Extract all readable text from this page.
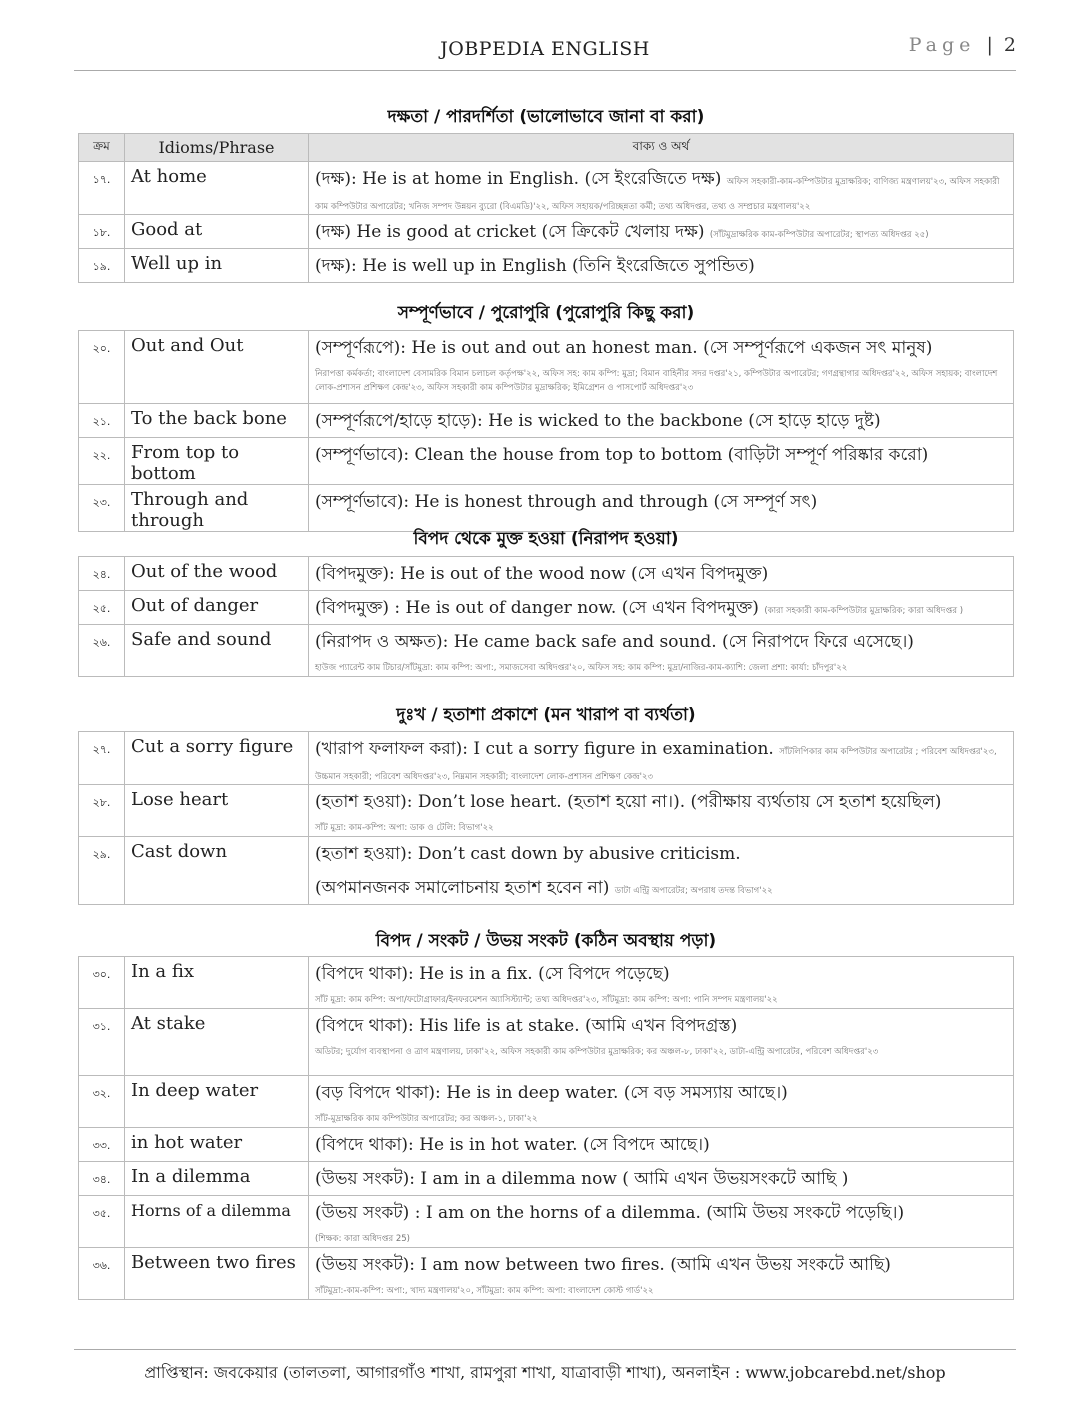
JOBPEDIA ENGLISH	Page | 2
দক্ষতা / পারদর্শিতা (ভালোভাবে জানা বা করা)
ক্রম	Idioms/Phrase	বাক্য ও অর্থ
১৭.	At home	(দক্ষ): He is at home in English. (সে ইংরেজিতে দক্ষ) অফিস সহকারী-কাম-কম্পিউটার মুদ্রাক্ষরিক; বাণিজ্য মন্ত্রণালয়'২৩, অফিস সহকারী কাম কম্পিউটার অপারেটর; খনিজ সম্পদ উন্নয়ন ব্যুরো (বিএমডি)'২২, অফিস সহায়ক/পরিচ্ছন্নতা কর্মী; তথ্য অধিদপ্তর, তথ্য ও সম্প্রচার মন্ত্রণালয়'২২
১৮.	Good at	(দক্ষ) He is good at cricket (সে ক্রিকেট খেলায় দক্ষ) (সাঁটমুদ্রাক্ষরিক কাম-কম্পিউটার অপারেটর; স্থাপত্য অধিদপ্তর ২৫)
১৯.	Well up in	(দক্ষ): He is well up in English (তিনি ইংরেজিতে সুপন্ডিত)
সম্পূর্ণভাবে / পুরোপুরি (পুরোপুরি কিছু করা)
২০.	Out and Out	(সম্পূর্ণরূপে): He is out and out an honest man. (সে সম্পূর্ণরূপে একজন সৎ মানুষ)
নিরাপত্তা কর্মকর্তা; বাংলাদেশ বেসামরিক বিমান চলাচল কর্তৃপক্ষ'২২, অফিস সহ: কাম কম্পি: মুদ্রা; বিমান বাহিনীর সদর দপ্তর'২১, কম্পিউটার অপারেটর; গণগ্রন্থাগার অধিদপ্তর'২২, অফিস সহায়ক; বাংলাদেশ লোক-প্রশাসন প্রশিক্ষণ কেন্দ্র'২৩, অফিস সহকারী কাম কম্পিউটার মুদ্রাক্ষরিক; ইমিগ্রেশন ও পাসপোর্ট অধিদপ্তর'২৩

২১.	To the back bone	(সম্পূর্ণরূপে/হাড়ে হাড়ে): He is wicked to the backbone (সে হাড়ে হাড়ে দুষ্ট)
২২.	From top to bottom	(সম্পূর্ণভাবে): Clean the house from top to bottom (বাড়িটা সম্পূর্ণ পরিষ্কার করো)
২৩.	Through and through	(সম্পূর্ণভাবে): He is honest through and through (সে সম্পূর্ণ সৎ)
বিপদ থেকে মুক্ত হওয়া (নিরাপদ হওয়া)
২৪.	Out of the wood	(বিপদমুক্ত): He is out of the wood now (সে এখন বিপদমুক্ত)
২৫.	Out of danger	(বিপদমুক্ত) : He is out of danger now. (সে এখন বিপদমুক্ত) (কারা সহকারী কাম-কম্পিউটার মুদ্রাক্ষরিক; কারা অধিদপ্তর )
২৬.	Safe and sound	(নিরাপদ ও অক্ষত): He came back safe and sound. (সে নিরাপদে ফিরে এসেছে।)
হাউজ প্যারেন্ট কাম টিচার/সাঁটমুদ্রা: কাম কম্পি: অপা:, সমাজসেবা অধিদপ্তর'২০, অফিস সহ: কাম কম্পি: মুদ্রা/নাজির-কাম-ক্যাশি: জেলা প্রশা: কার্যা: চাঁদপুর'২২
দুঃখ / হতাশা প্রকাশে (মন খারাপ বা ব্যর্থতা)
২৭.	Cut a sorry figure	(খারাপ ফলাফল করা): I cut a sorry figure in examination. সাঁটলিপিকার কাম কম্পিউটার অপারেটর ; পরিবেশ অধিদপ্তর'২৩, উচ্চমান সহকারী; পরিবেশ অধিদপ্তর'২৩, নিম্নমান সহকারী; বাংলাদেশ লোক-প্রশাসন প্রশিক্ষণ কেন্দ্র'২৩
২৮.	Lose heart	(হতাশ হওয়া): Don’t lose heart. (হতাশ হয়ো না।). (পরীক্ষায় ব্যর্থতায় সে হতাশ হয়েছিল)
সাঁট মুদ্রা: কাম-কম্পি: অপা: ডাক ও টেলি: বিভাগ'২২

২৯.	Cast down	(হতাশ হওয়া): Don’t cast down by abusive criticism.
(অপমানজনক সমালোচনায় হতাশ হবেন না) ডাটা এন্ট্রি অপারেটর; অপরাধ তদন্ত বিভাগ'২২
বিপদ / সংকট / উভয় সংকট (কঠিন অবস্থায় পড়া)
৩০.	In a fix	(বিপদে থাকা): He is in a fix. (সে বিপদে পড়েছে)
সাঁট মুদ্রা: কাম কম্পি: অপা/ফটোগ্রাফার/ইনফরমেশন অ্যাসিস্ট্যান্ট; তথ্য অধিদপ্তর'২৩, সাঁটমুদ্রা: কাম কম্পি: অপা: পানি সম্পদ মন্ত্রণালয়'২২

৩১.	At stake	(বিপদে থাকা): His life is at stake. (আমি এখন বিপদগ্রস্ত)
অডিটর; দুর্যোগ ব্যবস্থাপনা ও ত্রাণ মন্ত্রণালয়, ঢাকা'২২, অফিস সহকারী কাম কম্পিউটার মুদ্রাক্ষরিক; কর অঞ্চল-৮, ঢাকা'২২, ডাটা-এন্ট্রি অপারেটর, পরিবেশ অধিদপ্তর'২৩

৩২.	In deep water	(বড় বিপদে থাকা): He is in deep water. (সে বড় সমস্যায় আছে।)
সাঁট-মুদ্রাক্ষরিক কাম কম্পিউটার অপারেটর; কর অঞ্চল-১, ঢাকা'২২

৩৩.	in hot water	(বিপদে থাকা): He is in hot water. (সে বিপদে আছে।)
৩৪.	In a dilemma	(উভয় সংকট): I am in a dilemma now ( আমি এখন উভয়সংকটে আছি )
৩৫.	Horns of a dilemma	(উভয় সংকট) : I am on the horns of a dilemma. (আমি উভয় সংকটে পড়েছি।)
(শিক্ষক: কারা অধিদপ্তর 25)

৩৬.	Between two fires	(উভয় সংকট): I am now between two fires. (আমি এখন উভয় সংকটে আছি)
সাঁটমুদ্রা:-কাম-কম্পি: অপা:, খাদ্য মন্ত্রণালয়'২০, সাঁটমুদ্রা: কাম কম্পি: অপা: বাংলাদেশ কোস্ট গার্ড'২২
প্রাপ্তিস্থান: জবকেয়ার (তালতলা, আগারগাঁও শাখা, রামপুরা শাখা, যাত্রাবাড়ী শাখা), অনলাইন : www.jobcarebd.net/shop
